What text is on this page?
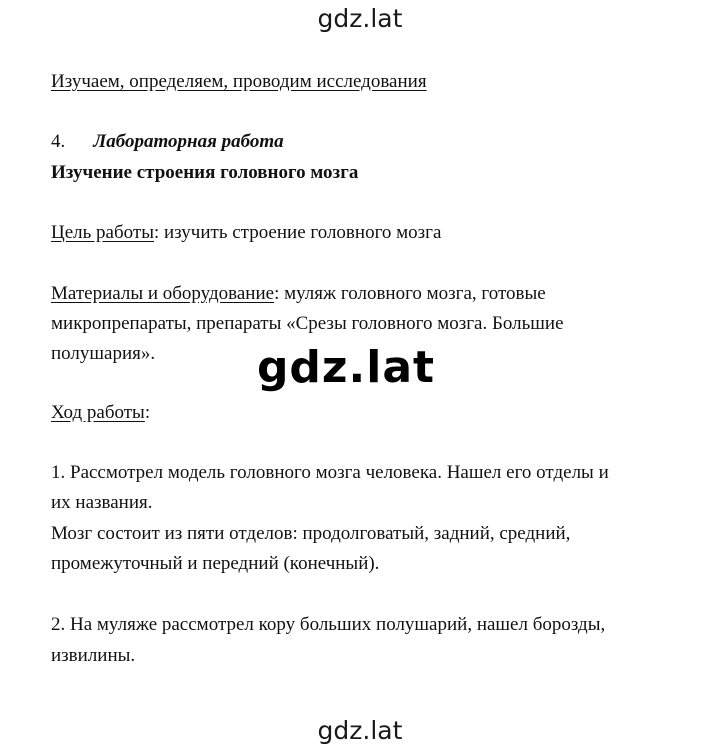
gdz.lat
Изучаем, определяем, проводим исследования
4. Лабораторная работа
Изучение строения головного мозга
Цель работы: изучить строение головного мозга
Материалы и оборудование: муляж головного мозга, готовые
микропрепараты, препараты «Срезы головного мозга. Большие
полушария».	gdz.lat
Ход работы:
1. Рассмотрел модель головного мозга человека. Нашел его отделы и
их названия.
Мозг состоит из пяти отделов: продолговатый, задний, средний,
промежуточный и передний (конечный).
2. На муляже рассмотрел кору больших полушарий, нашел борозды,
извилины.
gdz.lat
